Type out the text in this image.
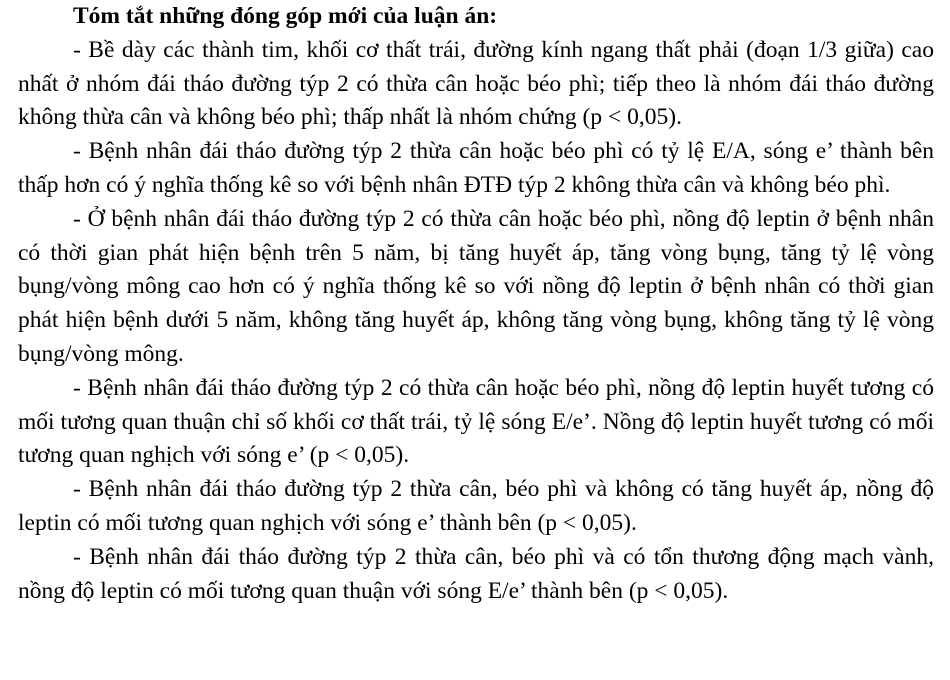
Tóm tắt những đóng góp mới của luận án:

- Bề dày các thành tim, khối cơ thất trái, đường kính ngang thất phải (đoạn 1/3 giữa) cao nhất ở nhóm đái tháo đường týp 2 có thừa cân hoặc béo phì; tiếp theo là nhóm đái tháo đường không thừa cân và không béo phì; thấp nhất là nhóm chứng (p < 0,05).

- Bệnh nhân đái tháo đường týp 2 thừa cân hoặc béo phì có tỷ lệ E/A, sóng e’ thành bên thấp hơn có ý nghĩa thống kê so với bệnh nhân ĐTĐ týp 2 không thừa cân và không béo phì.

- Ở bệnh nhân đái tháo đường týp 2 có thừa cân hoặc béo phì, nồng độ leptin ở bệnh nhân có thời gian phát hiện bệnh trên 5 năm, bị tăng huyết áp, tăng vòng bụng, tăng tỷ lệ vòng bụng/vòng mông cao hơn có ý nghĩa thống kê so với nồng độ leptin ở bệnh nhân có thời gian phát hiện bệnh dưới 5 năm, không tăng huyết áp, không tăng vòng bụng, không tăng tỷ lệ vòng bụng/vòng mông.

- Bệnh nhân đái tháo đường týp 2 có thừa cân hoặc béo phì, nồng độ leptin huyết tương có mối tương quan thuận chỉ số khối cơ thất trái, tỷ lệ sóng E/e’. Nồng độ leptin huyết tương có mối tương quan nghịch với sóng e’ (p < 0,05).

- Bệnh nhân đái tháo đường týp 2 thừa cân, béo phì và không có tăng huyết áp, nồng độ leptin có mối tương quan nghịch với sóng e’ thành bên (p < 0,05).

- Bệnh nhân đái tháo đường týp 2 thừa cân, béo phì và có tổn thương động mạch vành, nồng độ leptin có mối tương quan thuận với sóng E/e’ thành bên (p < 0,05).
